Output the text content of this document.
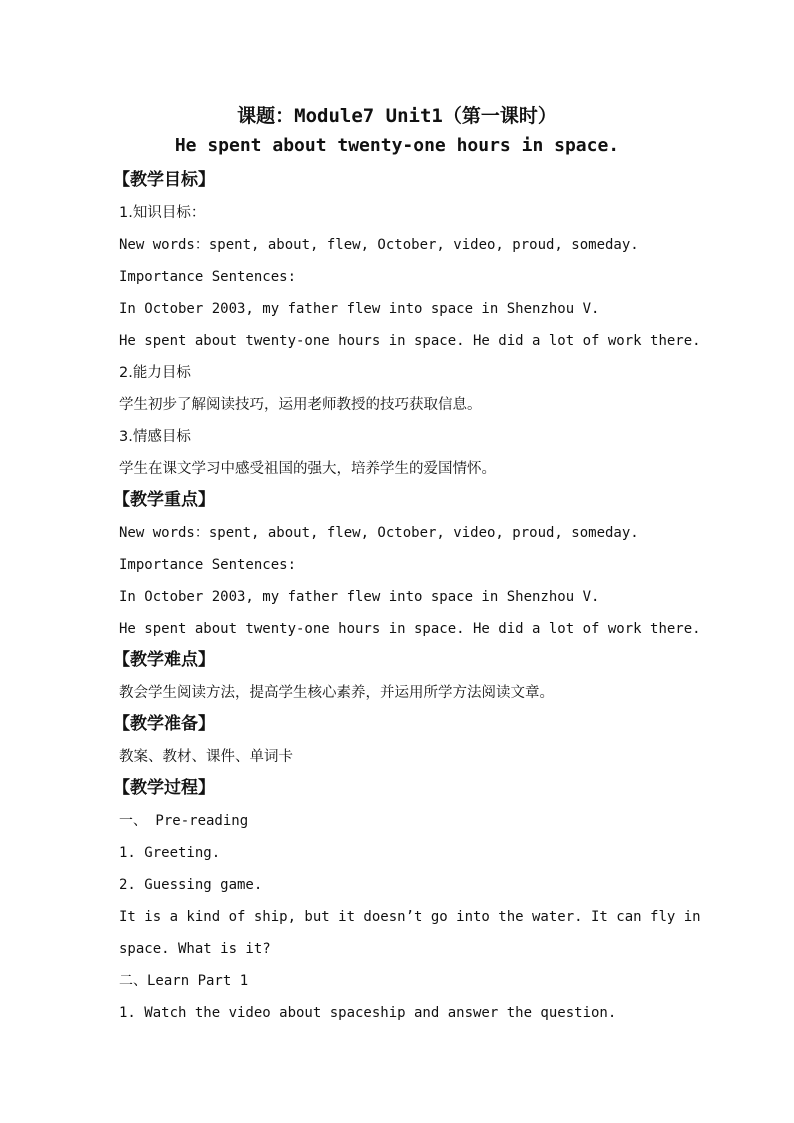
课题：Module7 Unit1（第一课时）
He spent about twenty-one hours in space.
【教学目标】
1.知识目标：
New words：spent, about, flew, October, video, proud, someday.
Importance Sentences:
In October 2003, my father flew into space in Shenzhou V.
He spent about twenty-one hours in space. He did a lot of work there.
2.能力目标
学生初步了解阅读技巧，运用老师教授的技巧获取信息。
3.情感目标
学生在课文学习中感受祖国的强大，培养学生的爱国情怀。
【教学重点】
New words：spent, about, flew, October, video, proud, someday.
Importance Sentences:
In October 2003, my father flew into space in Shenzhou V.
He spent about twenty-one hours in space. He did a lot of work there.
【教学难点】
教会学生阅读方法，提高学生核心素养，并运用所学方法阅读文章。
【教学准备】
教案、教材、课件、单词卡
【教学过程】
一、 Pre-reading
1. Greeting.
2. Guessing game.
It is a kind of ship, but it doesn’t go into the water. It can fly in
space. What is it?
二、Learn Part 1
1. Watch the video about spaceship and answer the question.
